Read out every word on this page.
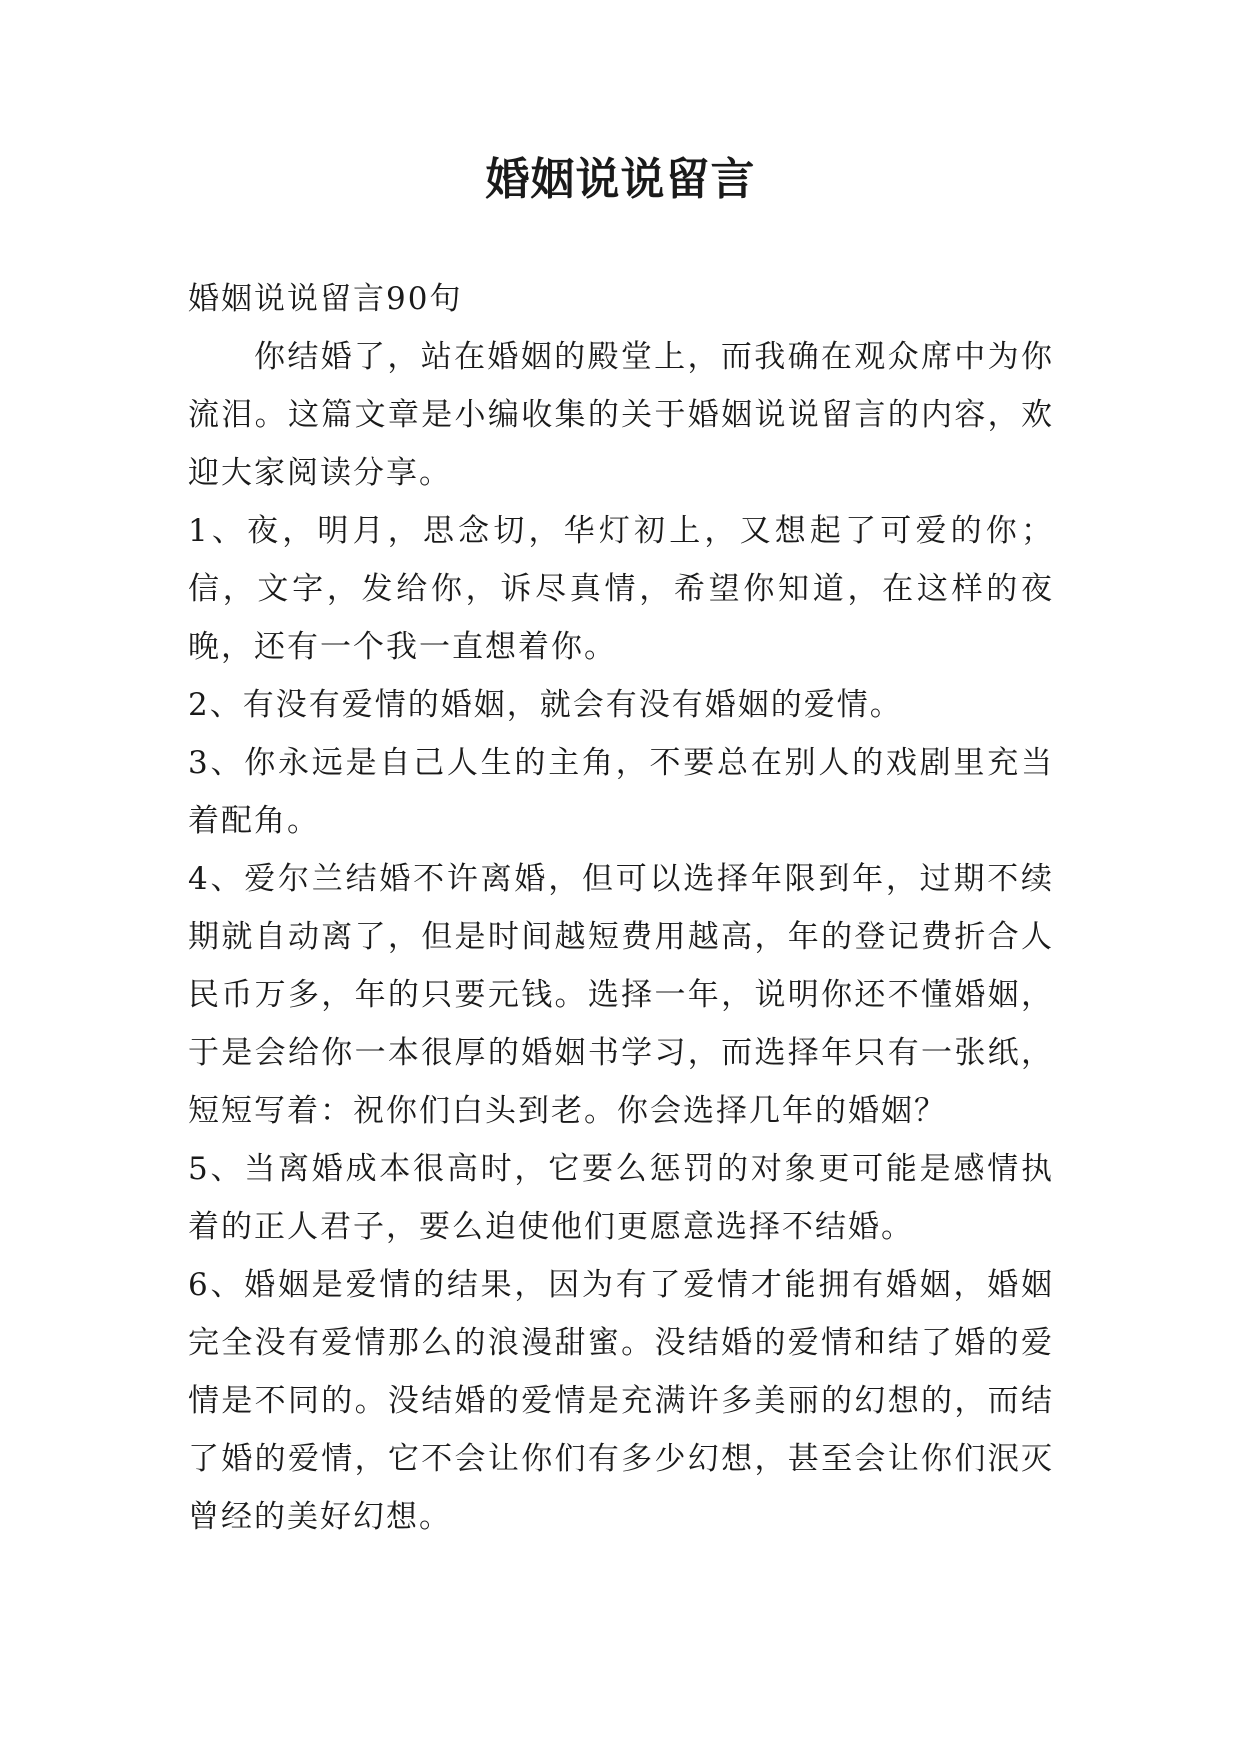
婚姻说说留言

婚姻说说留言90句

你结婚了，站在婚姻的殿堂上，而我确在观众席中为你流泪。这篇文章是小编收集的关于婚姻说说留言的内容，欢迎大家阅读分享。

1、夜，明月，思念切，华灯初上，又想起了可爱的你；信，文字，发给你，诉尽真情，希望你知道，在这样的夜晚，还有一个我一直想着你。

2、有没有爱情的婚姻，就会有没有婚姻的爱情。

3、你永远是自己人生的主角，不要总在别人的戏剧里充当着配角。

4、爱尔兰结婚不许离婚，但可以选择年限到年，过期不续期就自动离了，但是时间越短费用越高，年的登记费折合人民币万多，年的只要元钱。选择一年，说明你还不懂婚姻，于是会给你一本很厚的婚姻书学习，而选择年只有一张纸，短短写着：祝你们白头到老。你会选择几年的婚姻？

5、当离婚成本很高时，它要么惩罚的对象更可能是感情执着的正人君子，要么迫使他们更愿意选择不结婚。

6、婚姻是爱情的结果，因为有了爱情才能拥有婚姻，婚姻完全没有爱情那么的浪漫甜蜜。没结婚的爱情和结了婚的爱情是不同的。没结婚的爱情是充满许多美丽的幻想的，而结了婚的爱情，它不会让你们有多少幻想，甚至会让你们泯灭曾经的美好幻想。
